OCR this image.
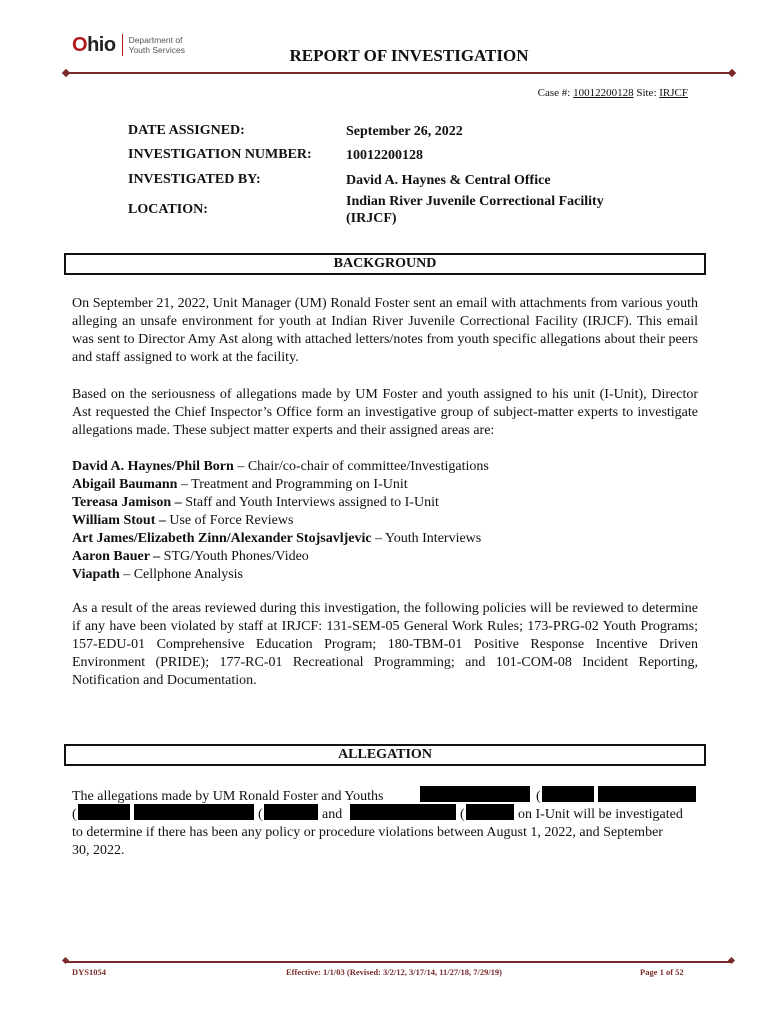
Ohio Department of
Youth Services	REPORT OF INVESTIGATION
Case #: 10012200128 Site: IRJCF
DATE ASSIGNED:	September 26, 2022
INVESTIGATION NUMBER: 10012200128
INVESTIGATED BY:	David A. Haynes & Central Office
LOCATION:
Indian River Juvenile Correctional Facility
(IRJCF)
BACKGROUND
On September 21, 2022, Unit Manager (UM) Ronald Foster sent an email with attachments from various youth alleging an unsafe environment for youth at Indian River Juvenile Correctional Facility (IRJCF). This email was sent to Director Amy Ast along with attached letters/notes from youth specific allegations about their peers and staff assigned to work at the facility.
Based on the seriousness of allegations made by UM Foster and youth assigned to his unit (I-Unit), Director Ast requested the Chief Inspector’s Office form an investigative group of subject-matter experts to investigate allegations made. These subject matter experts and their assigned areas are:
David A. Haynes/Phil Born – Chair/co-chair of committee/Investigations
Abigail Baumann – Treatment and Programming on I-Unit
Tereasa Jamison – Staff and Youth Interviews assigned to I-Unit
William Stout – Use of Force Reviews
Art James/Elizabeth Zinn/Alexander Stojsavljevic – Youth Interviews
Aaron Bauer – STG/Youth Phones/Video
Viapath – Cellphone Analysis
As a result of the areas reviewed during this investigation, the following policies will be reviewed to determine if any have been violated by staff at IRJCF: 131-SEM-05 General Work Rules; 173-PRG-02 Youth Programs; 157-EDU-01 Comprehensive Education Program; 180-TBM-01 Positive Response Incentive Driven Environment (PRIDE); 177-RC-01 Recreational Programming; and 101-COM-08 Incident Reporting, Notification and Documentation.
ALLEGATION
The allegations made by UM Ronald Foster and Youths	(
(	(	and	(	on I-Unit will be investigated
to determine if there has been any policy or procedure violations between August 1, 2022, and September
30, 2022.
DYS1054	Effective: 1/1/03 (Revised: 3/2/12, 3/17/14, 11/27/18, 7/29/19)	Page 1 of 52
